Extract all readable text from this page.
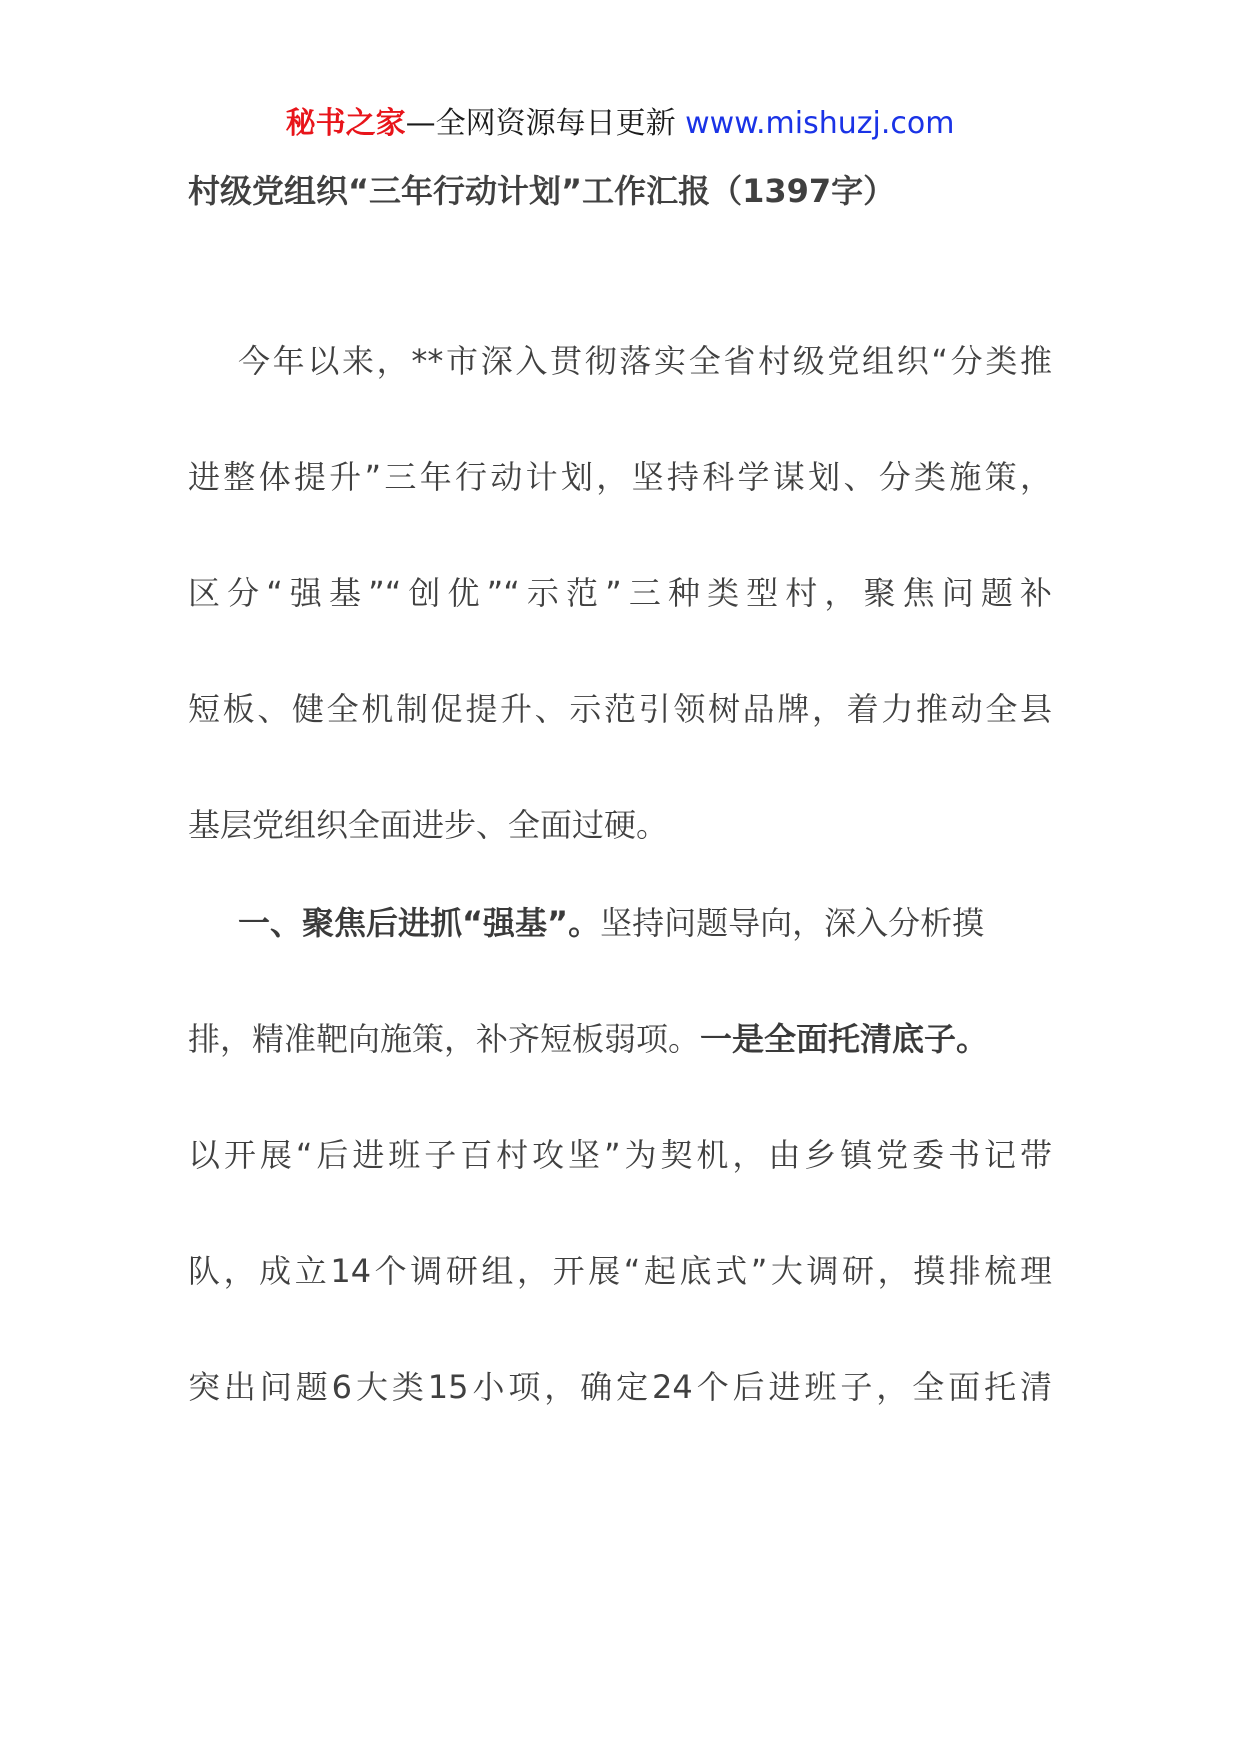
秘书之家—全网资源每日更新 www.mishuzj.com
村级党组织“三年行动计划”工作汇报（1397字）
今年以来，**市深入贯彻落实全省村级党组织“分类推
进整体提升”三年行动计划，坚持科学谋划、分类施策，
区分“强基”“创优”“示范”三种类型村，聚焦问题补
短板、健全机制促提升、示范引领树品牌，着力推动全县
基层党组织全面进步、全面过硬。
一、聚焦后进抓“强基”。坚持问题导向，深入分析摸
排，精准靶向施策，补齐短板弱项。一是全面托清底子。
以开展“后进班子百村攻坚”为契机，由乡镇党委书记带
队，成立14个调研组，开展“起底式”大调研，摸排梳理
突出问题6大类15小项，确定24个后进班子，全面托清
